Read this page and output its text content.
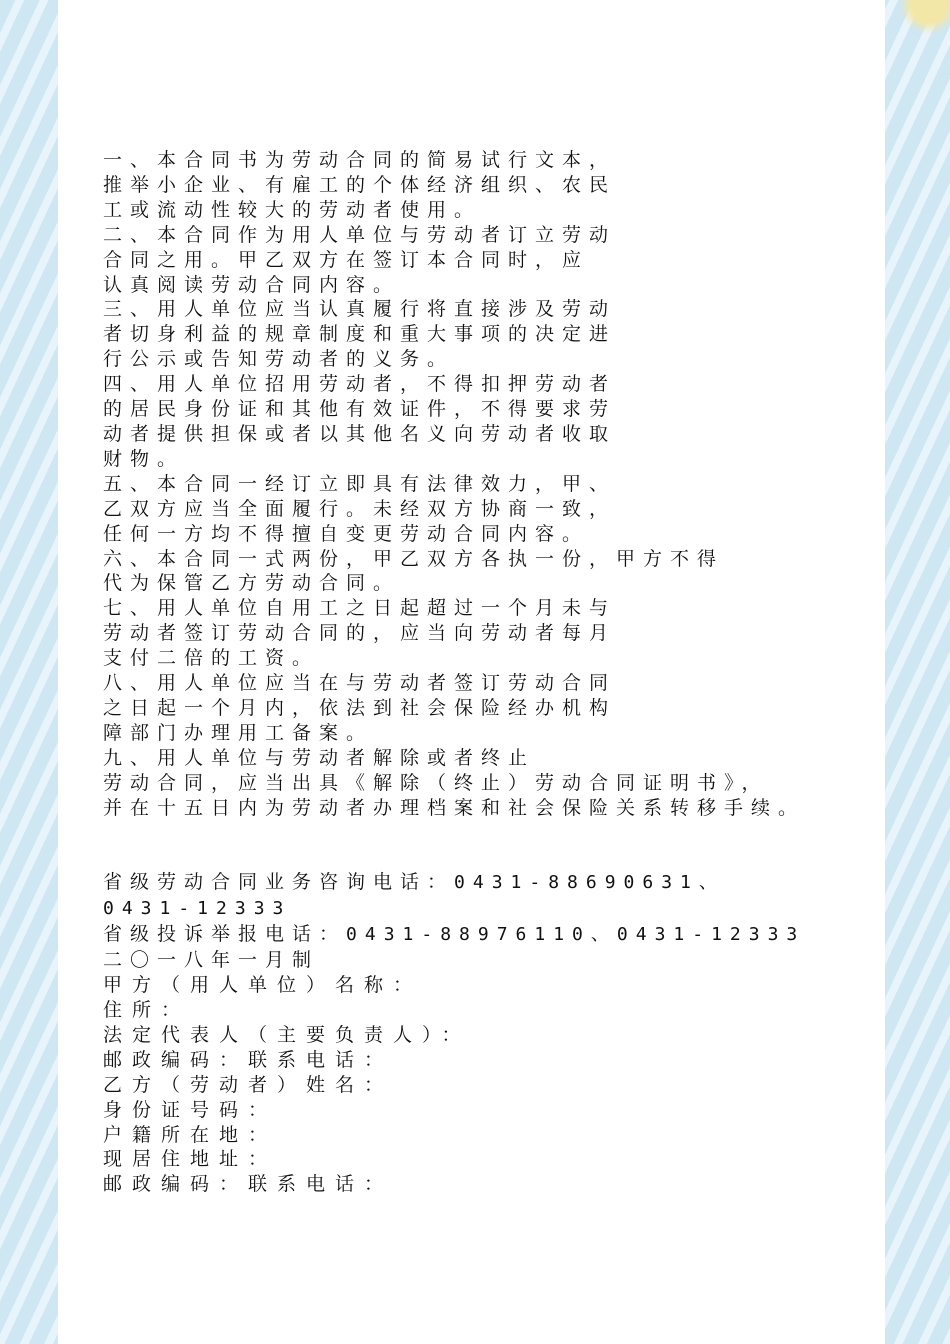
一、本合同书为劳动合同的简易试行文本，
推举小企业、有雇工的个体经济组织、农民
工或流动性较大的劳动者使用。
二、本合同作为用人单位与劳动者订立劳动
合同之用。甲乙双方在签订本合同时，应
认真阅读劳动合同内容。
三、用人单位应当认真履行将直接涉及劳动
者切身利益的规章制度和重大事项的决定进
行公示或告知劳动者的义务。
四、用人单位招用劳动者，不得扣押劳动者
的居民身份证和其他有效证件，不得要求劳
动者提供担保或者以其他名义向劳动者收取
财物。
五、本合同一经订立即具有法律效力，甲、
乙双方应当全面履行。未经双方协商一致，
任何一方均不得擅自变更劳动合同内容。
六、本合同一式两份，甲乙双方各执一份，甲方不得
代为保管乙方劳动合同。
七、用人单位自用工之日起超过一个月未与
劳动者签订劳动合同的，应当向劳动者每月
支付二倍的工资。
八、用人单位应当在与劳动者签订劳动合同
之日起一个月内，依法到社会保险经办机构
障部门办理用工备案。
九、用人单位与劳动者解除或者终止
劳动合同，应当出具《解除（终止）劳动合同证明书》，
并在十五日内为劳动者办理档案和社会保险关系转移手续。
省级劳动合同业务咨询电话：0431-88690631、0431-12333
省级投诉举报电话：0431-88976110、0431-12333
二〇一八年一月制
甲方（用人单位）名称：
住所：
法定代表人（主要负责人）：
邮政编码：联系电话：
乙方（劳动者）姓名：
身份证号码：
户籍所在地：
现居住地址：
邮政编码：联系电话：
